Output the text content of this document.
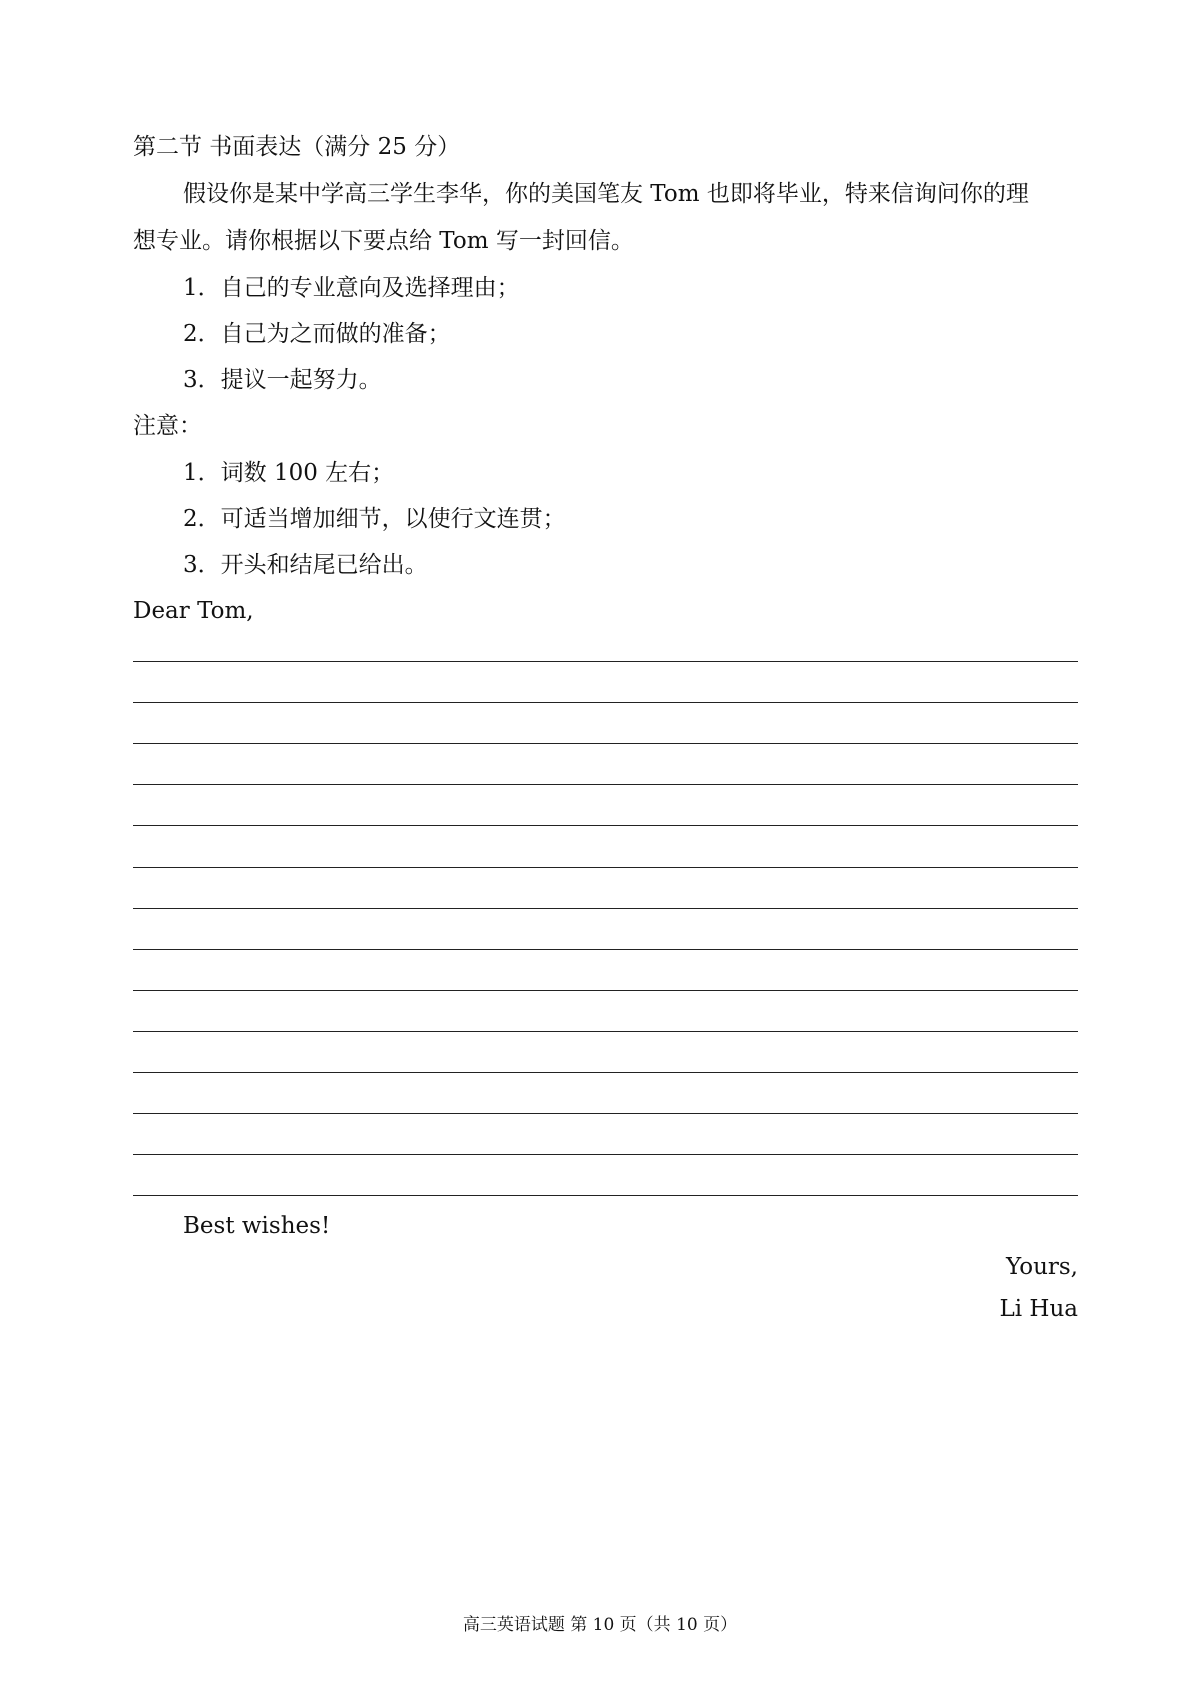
第二节 书面表达（满分 25 分）
假设你是某中学高三学生李华，你的美国笔友 Tom 也即将毕业，特来信询问你的理
想专业。请你根据以下要点给 Tom 写一封回信。
1．自己的专业意向及选择理由；
2．自己为之而做的准备；
3．提议一起努力。
注意：
1．词数 100 左右；
2．可适当增加细节，以使行文连贯；
3．开头和结尾已给出。
Dear Tom,
Best wishes!
Yours,
Li Hua
高三英语试题 第 10 页（共 10 页）
